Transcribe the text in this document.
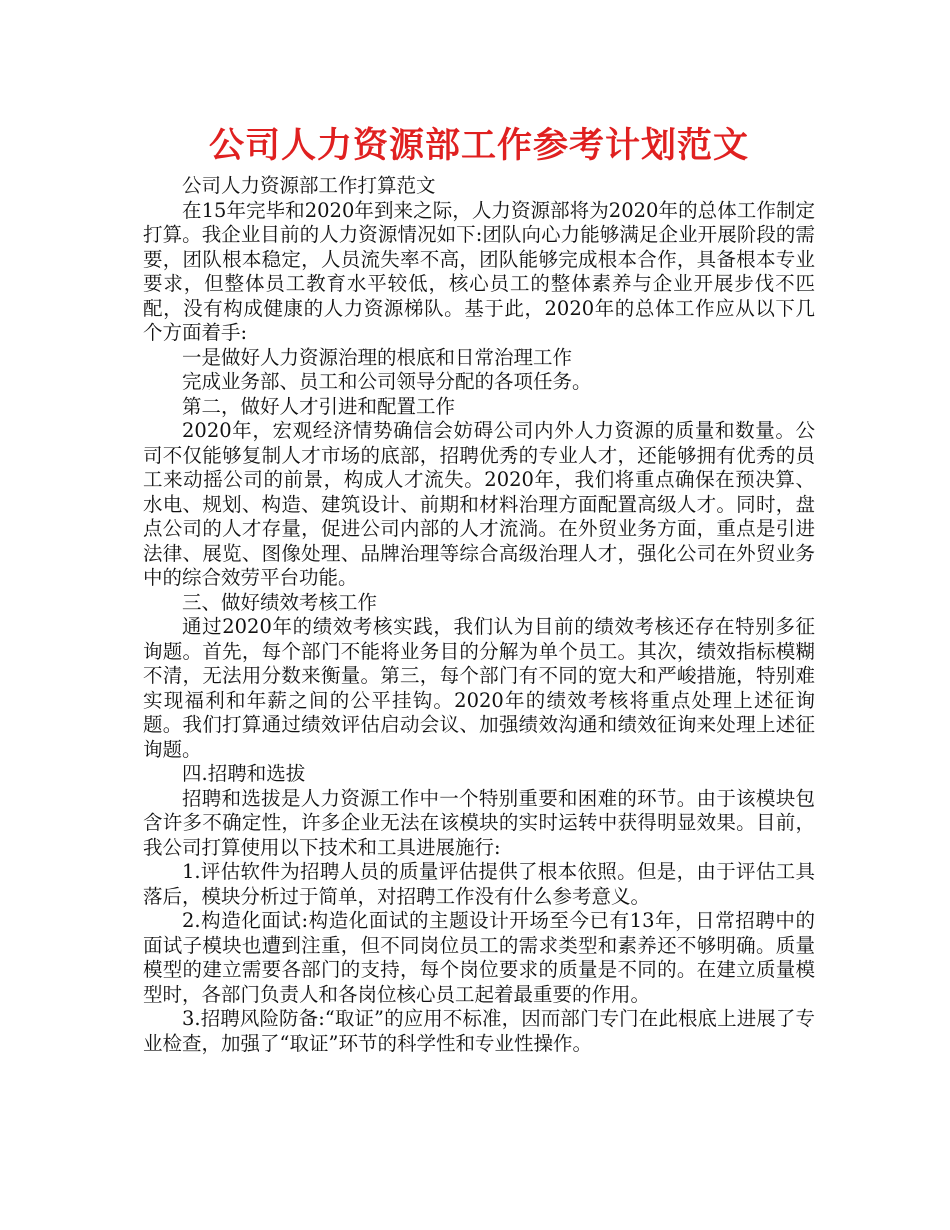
公司人力资源部工作参考计划范文

公司人力资源部工作打算范文

在15年完毕和2020年到来之际，人力资源部将为2020年的总体工作制定打算。我企业目前的人力资源情况如下:团队向心力能够满足企业开展阶段的需要，团队根本稳定，人员流失率不高，团队能够完成根本合作，具备根本专业要求，但整体员工教育水平较低，核心员工的整体素养与企业开展步伐不匹配，没有构成健康的人力资源梯队。基于此，2020年的总体工作应从以下几个方面着手:

一是做好人力资源治理的根底和日常治理工作

完成业务部、员工和公司领导分配的各项任务。

第二，做好人才引进和配置工作

2020年，宏观经济情势确信会妨碍公司内外人力资源的质量和数量。公司不仅能够复制人才市场的底部，招聘优秀的专业人才，还能够拥有优秀的员工来动摇公司的前景，构成人才流失。2020年，我们将重点确保在预决算、水电、规划、构造、建筑设计、前期和材料治理方面配置高级人才。同时，盘点公司的人才存量，促进公司内部的人才流淌。在外贸业务方面，重点是引进法律、展览、图像处理、品牌治理等综合高级治理人才，强化公司在外贸业务中的综合效劳平台功能。

三、做好绩效考核工作

通过2020年的绩效考核实践，我们认为目前的绩效考核还存在特别多征询题。首先，每个部门不能将业务目的分解为单个员工。其次，绩效指标模糊不清，无法用分数来衡量。第三，每个部门有不同的宽大和严峻措施，特别难实现福利和年薪之间的公平挂钩。2020年的绩效考核将重点处理上述征询题。我们打算通过绩效评估启动会议、加强绩效沟通和绩效征询来处理上述征询题。

四.招聘和选拔

招聘和选拔是人力资源工作中一个特别重要和困难的环节。由于该模块包含许多不确定性，许多企业无法在该模块的实时运转中获得明显效果。目前，我公司打算使用以下技术和工具进展施行:

1.评估软件为招聘人员的质量评估提供了根本依照。但是，由于评估工具落后，模块分析过于简单，对招聘工作没有什么参考意义。

2.构造化面试:构造化面试的主题设计开场至今已有13年，日常招聘中的面试子模块也遭到注重，但不同岗位员工的需求类型和素养还不够明确。质量模型的建立需要各部门的支持，每个岗位要求的质量是不同的。在建立质量模型时，各部门负责人和各岗位核心员工起着最重要的作用。

3.招聘风险防备:“取证”的应用不标准，因而部门专门在此根底上进展了专业检查，加强了“取证”环节的科学性和专业性操作。
